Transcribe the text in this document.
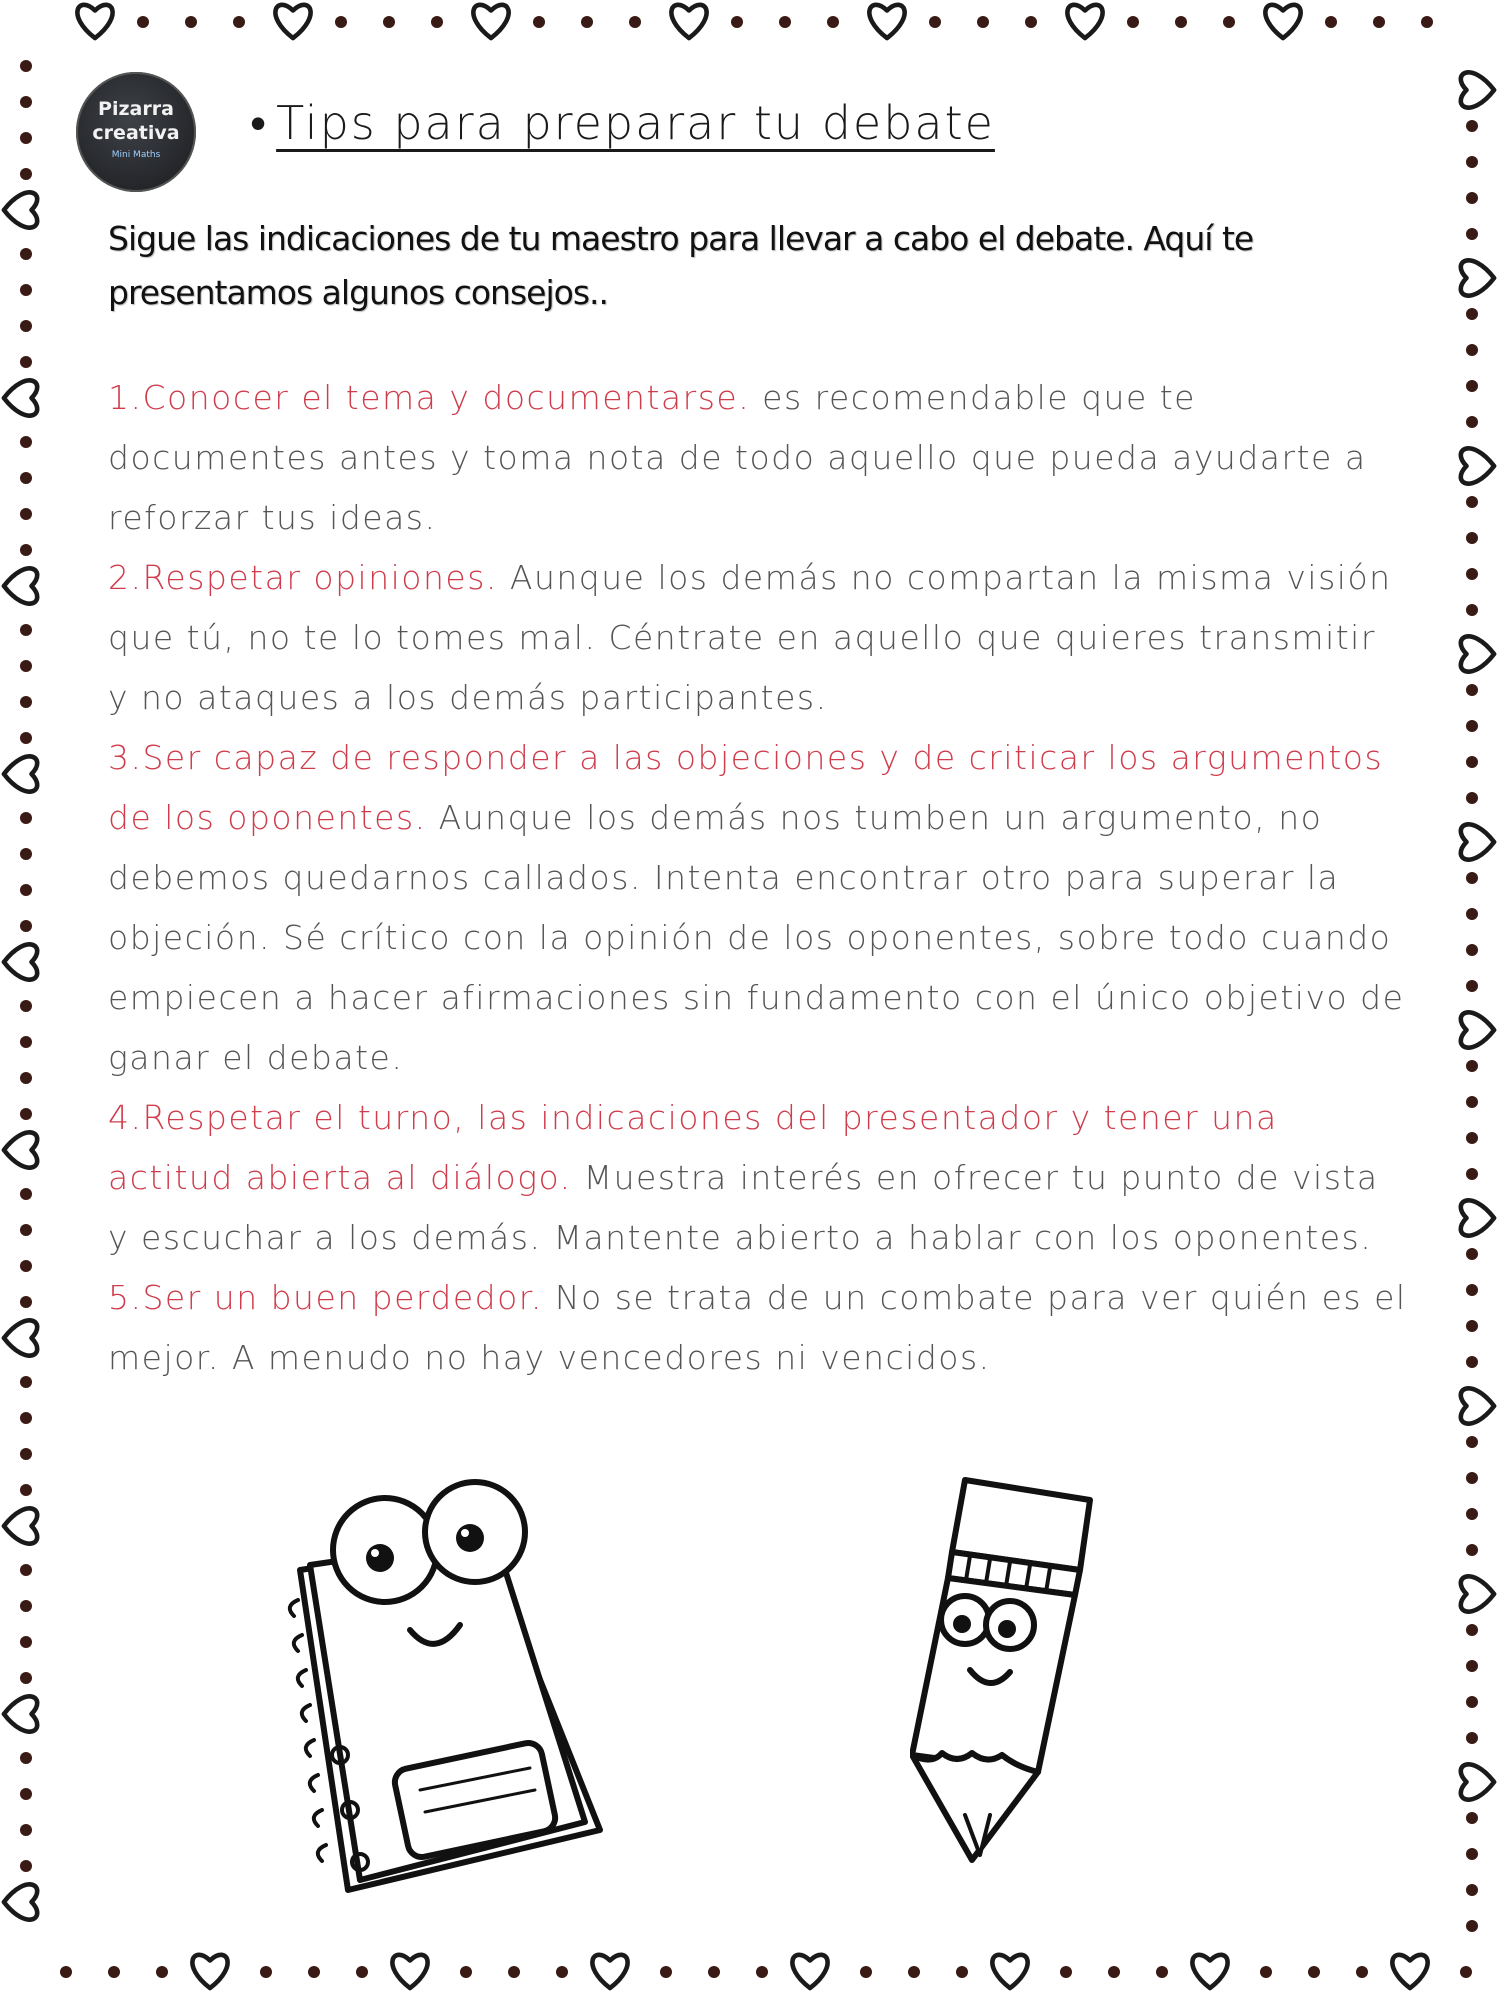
Pizarra
creativa
Mini Maths
• Tips para preparar tu debate
Sigue las indicaciones de tu maestro para llevar a cabo el debate. Aquí te presentamos algunos consejos..

1.Conocer el tema y documentarse. es recomendable que te documentes antes y toma nota de todo aquello que pueda ayudarte a reforzar tus ideas.

2.Respetar opiniones. Aunque los demás no compartan la misma visión que tú, no te lo tomes mal. Céntrate en aquello que quieres transmitir y no ataques a los demás participantes.

3.Ser capaz de responder a las objeciones y de criticar los argumentos de los oponentes. Aunque los demás nos tumben un argumento, no debemos quedarnos callados. Intenta encontrar otro para superar la objeción. Sé crítico con la opinión de los oponentes, sobre todo cuando empiecen a hacer afirmaciones sin fundamento con el único objetivo de ganar el debate.

4.Respetar el turno, las indicaciones del presentador y tener una actitud abierta al diálogo. Muestra interés en ofrecer tu punto de vista y escuchar a los demás. Mantente abierto a hablar con los oponentes.

5.Ser un buen perdedor. No se trata de un combate para ver quién es el mejor. A menudo no hay vencedores ni vencidos.
